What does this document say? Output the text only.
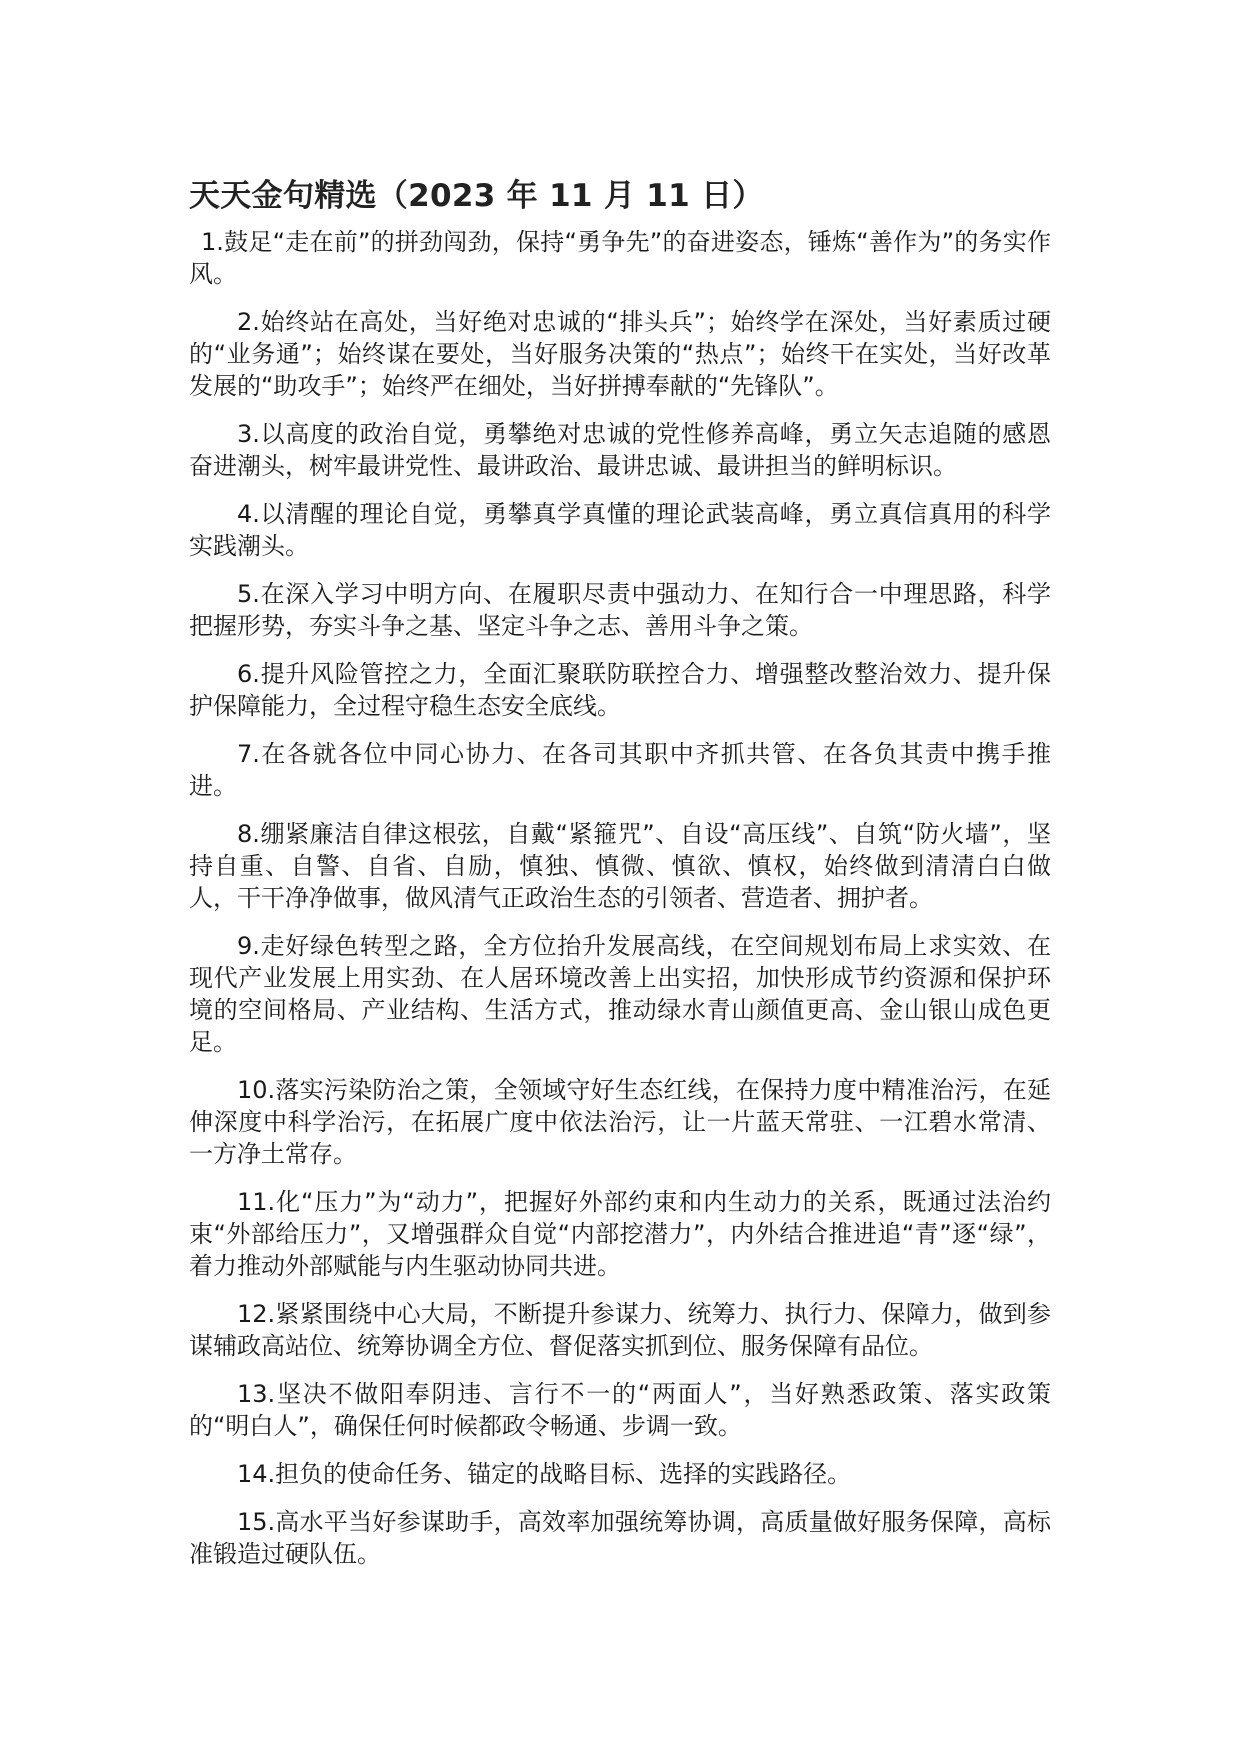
天天金句精选（2023 年 11 月 11 日）

1.鼓足“走在前”的拼劲闯劲，保持“勇争先”的奋进姿态，锤炼“善作为”的务实作风。

2.始终站在高处，当好绝对忠诚的“排头兵”；始终学在深处，当好素质过硬的“业务通”；始终谋在要处，当好服务决策的“热点”；始终干在实处，当好改革发展的“助攻手”；始终严在细处，当好拼搏奉献的“先锋队”。

3.以高度的政治自觉，勇攀绝对忠诚的党性修养高峰，勇立矢志追随的感恩奋进潮头，树牢最讲党性、最讲政治、最讲忠诚、最讲担当的鲜明标识。

4.以清醒的理论自觉，勇攀真学真懂的理论武装高峰，勇立真信真用的科学实践潮头。

5.在深入学习中明方向、在履职尽责中强动力、在知行合一中理思路，科学把握形势，夯实斗争之基、坚定斗争之志、善用斗争之策。

6.提升风险管控之力，全面汇聚联防联控合力、增强整改整治效力、提升保护保障能力，全过程守稳生态安全底线。

7.在各就各位中同心协力、在各司其职中齐抓共管、在各负其责中携手推进。

8.绷紧廉洁自律这根弦，自戴“紧箍咒”、自设“高压线”、自筑“防火墙”，坚持自重、自警、自省、自励，慎独、慎微、慎欲、慎权，始终做到清清白白做人，干干净净做事，做风清气正政治生态的引领者、营造者、拥护者。

9.走好绿色转型之路，全方位抬升发展高线，在空间规划布局上求实效、在现代产业发展上用实劲、在人居环境改善上出实招，加快形成节约资源和保护环境的空间格局、产业结构、生活方式，推动绿水青山颜值更高、金山银山成色更足。

10.落实污染防治之策，全领域守好生态红线，在保持力度中精准治污，在延伸深度中科学治污，在拓展广度中依法治污，让一片蓝天常驻、一江碧水常清、一方净土常存。

11.化“压力”为“动力”，把握好外部约束和内生动力的关系，既通过法治约束“外部给压力”，又增强群众自觉“内部挖潜力”，内外结合推进追“青”逐“绿”，着力推动外部赋能与内生驱动协同共进。

12.紧紧围绕中心大局，不断提升参谋力、统筹力、执行力、保障力，做到参谋辅政高站位、统筹协调全方位、督促落实抓到位、服务保障有品位。

13.坚决不做阳奉阴违、言行不一的“两面人”，当好熟悉政策、落实政策的“明白人”，确保任何时候都政令畅通、步调一致。

14.担负的使命任务、锚定的战略目标、选择的实践路径。

15.高水平当好参谋助手，高效率加强统筹协调，高质量做好服务保障，高标准锻造过硬队伍。
